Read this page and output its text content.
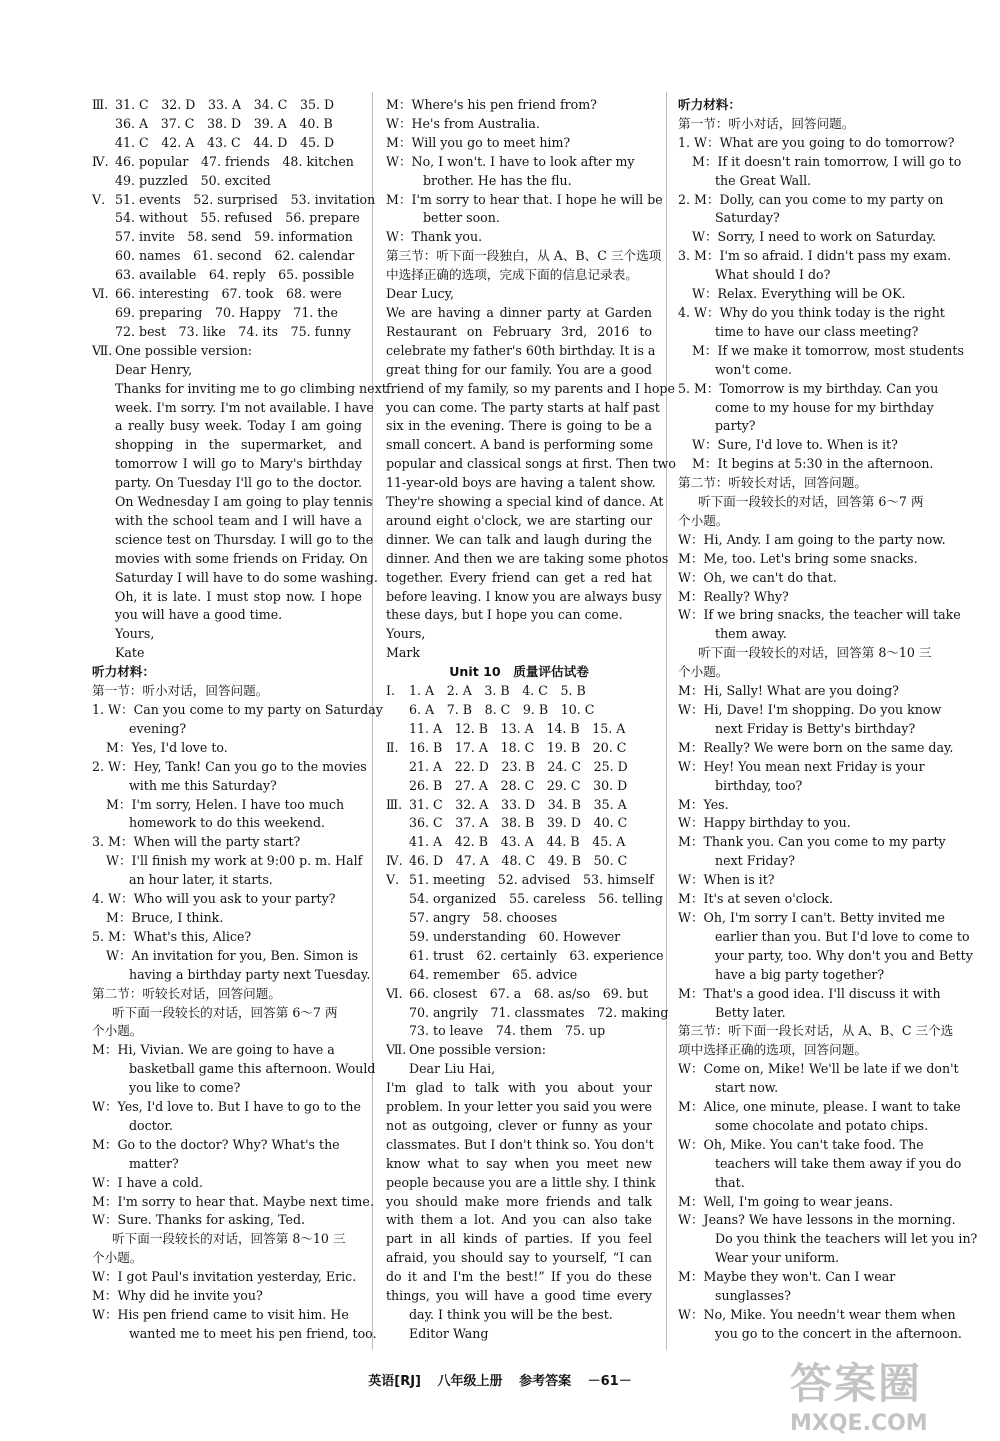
Ⅲ. 31. C　32. D　33. A　34. C　35. D
36. A　37. C　38. D　39. A　40. B
41. C　42. A　43. C　44. D　45. D
Ⅳ. 46. popular　47. friends　48. kitchen
49. puzzled　50. excited
Ⅴ. 51. events　52. surprised　53. invitation
54. without　55. refused　56. prepare
57. invite　58. send　59. information
60. names　61. second　62. calendar
63. available　64. reply　65. possible
Ⅵ. 66. interesting　67. took　68. were
69. preparing　70. Happy　71. the
72. best　73. like　74. its　75. funny
Ⅶ. One possible version:
Dear Henry,
Thanks for inviting me to go climbing next
week. I'm sorry. I'm not available. I have
a really busy week. Today I am going
shopping in the supermarket, and
tomorrow I will go to Mary's birthday
party. On Tuesday I'll go to the doctor.
On Wednesday I am going to play tennis
with the school team and I will have a
science test on Thursday. I will go to the
movies with some friends on Friday. On
Saturday I will have to do some washing.
Oh, it is late. I must stop now. I hope
you will have a good time.
Yours,
Kate
听力材料：
第一节：听小对话，回答问题。
1. W： Can you come to my party on Saturday
evening?
M： Yes, I'd love to.
2. W： Hey, Tank! Can you go to the movies
with me this Saturday?
M： I'm sorry, Helen. I have too much
homework to do this weekend.
3. M： When will the party start?
W： I'll finish my work at 9:00 p. m. Half
an hour later, it starts.
4. W： Who will you ask to your party?
M： Bruce, I think.
5. M： What's this, Alice?
W： An invitation for you, Ben. Simon is
having a birthday party next Tuesday.
第二节：听较长对话，回答问题。
听下面一段较长的对话，回答第 6～7 两
个小题。
M： Hi, Vivian. We are going to have a
basketball game this afternoon. Would
you like to come?
W： Yes, I'd love to. But I have to go to the
doctor.
M： Go to the doctor? Why? What's the
matter?
W： I have a cold.
M： I'm sorry to hear that. Maybe next time.
W： Sure. Thanks for asking, Ted.
听下面一段较长的对话，回答第 8～10 三
个小题。
W： I got Paul's invitation yesterday, Eric.
M： Why did he invite you?
W： His pen friend came to visit him. He
wanted me to meet his pen friend, too.
M： Where's his pen friend from?
W： He's from Australia.
M： Will you go to meet him?
W： No, I won't. I have to look after my
brother. He has the flu.
M： I'm sorry to hear that. I hope he will be
better soon.
W： Thank you.
第三节：听下面一段独白，从 A、B、C 三个选项
中选择正确的选项，完成下面的信息记录表。
Dear Lucy,
We are having a dinner party at Garden
Restaurant on February 3rd, 2016 to
celebrate my father's 60th birthday. It is a
great thing for our family. You are a good
friend of my family, so my parents and I hope
you can come. The party starts at half past
six in the evening. There is going to be a
small concert. A band is performing some
popular and classical songs at first. Then two
11-year-old boys are having a talent show.
They're showing a special kind of dance. At
around eight o'clock, we are starting our
dinner. We can talk and laugh during the
dinner. And then we are taking some photos
together. Every friend can get a red hat
before leaving. I know you are always busy
these days, but I hope you can come.
Yours,
Mark
Unit 10　质量评估试卷
Ⅰ.	1. A　2. A　3. B　4. C　5. B
6. A　7. B　8. C　9. B　10. C
11. A　12. B　13. A　14. B　15. A
Ⅱ. 16. B　17. A　18. C　19. B　20. C
21. A　22. D　23. B　24. C　25. D
26. B　27. A　28. C　29. C　30. D
Ⅲ. 31. C　32. A　33. D　34. B　35. A
36. C　37. A　38. B　39. D　40. C
41. A　42. B　43. A　44. B　45. A
Ⅳ. 46. D　47. A　48. C　49. B　50. C
Ⅴ. 51. meeting　52. advised　53. himself
54. organized　55. careless　56. telling
57. angry　58. chooses
59. understanding　60. However
61. trust　62. certainly　63. experience
64. remember　65. advice
Ⅵ. 66. closest　67. a　68. as/so　69. but
70. angrily　71. classmates　72. making
73. to leave　74. them　75. up
Ⅶ. One possible version:
Dear Liu Hai,
I'm glad to talk with you about your
problem. In your letter you said you were
not as outgoing, clever or funny as your
classmates. But I don't think so. You don't
know what to say when you meet new
people because you are a little shy. I think
you should make more friends and talk
with them a lot. And you can also take
part in all kinds of parties. If you feel
afraid, you should say to yourself, “I can
do it and I'm the best!” If you do these
things, you will have a good time every
day. I think you will be the best.
Editor Wang
听力材料：
第一节：听小对话，回答问题。
1. W： What are you going to do tomorrow?
M： If it doesn't rain tomorrow, I will go to
the Great Wall.
2. M： Dolly, can you come to my party on
Saturday?
W： Sorry, I need to work on Saturday.
3. M： I'm so afraid. I didn't pass my exam.
What should I do?
W： Relax. Everything will be OK.
4. W： Why do you think today is the right
time to have our class meeting?
M： If we make it tomorrow, most students
won't come.
5. M： Tomorrow is my birthday. Can you
come to my house for my birthday
party?
W： Sure, I'd love to. When is it?
M： It begins at 5:30 in the afternoon.
第二节：听较长对话，回答问题。
听下面一段较长的对话，回答第 6～7 两
个小题。
W： Hi, Andy. I am going to the party now.
M： Me, too. Let's bring some snacks.
W： Oh, we can't do that.
M： Really? Why?
W： If we bring snacks, the teacher will take
them away.
听下面一段较长的对话，回答第 8～10 三
个小题。
M： Hi, Sally! What are you doing?
W： Hi, Dave! I'm shopping. Do you know
next Friday is Betty's birthday?
M： Really? We were born on the same day.
W： Hey! You mean next Friday is your
birthday, too?
M： Yes.
W： Happy birthday to you.
M： Thank you. Can you come to my party
next Friday?
W： When is it?
M： It's at seven o'clock.
W： Oh, I'm sorry I can't. Betty invited me
earlier than you. But I'd love to come to
your party, too. Why don't you and Betty
have a big party together?
M： That's a good idea. I'll discuss it with
Betty later.
第三节：听下面一段长对话，从 A、B、C 三个选
项中选择正确的选项，回答问题。
W： Come on, Mike! We'll be late if we don't
start now.
M： Alice, one minute, please. I want to take
some chocolate and potato chips.
W： Oh, Mike. You can't take food. The
teachers will take them away if you do
that.
M： Well, I'm going to wear jeans.
W： Jeans? We have lessons in the morning.
Do you think the teachers will let you in?
Wear your uniform.
M： Maybe they won't. Can I wear
sunglasses?
W： No, Mike. You needn't wear them when
you go to the concert in the afternoon.
英语[RJ] 八年级上册 参考答案 －61－	答案圈
MXQE.COM
